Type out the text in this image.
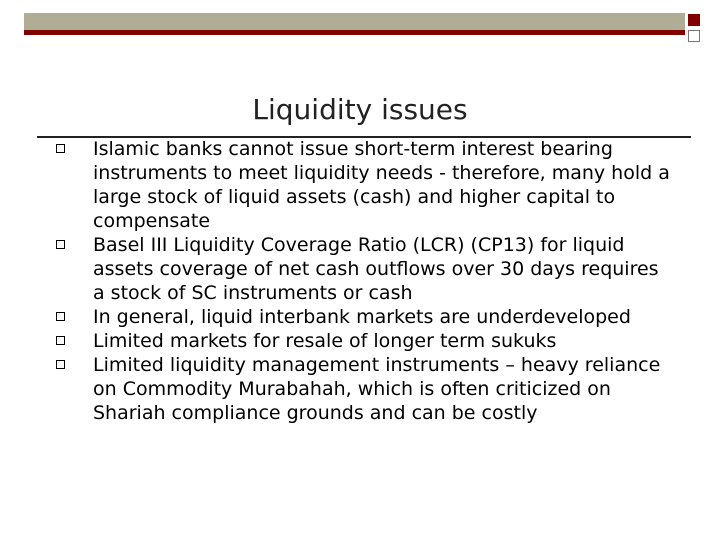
Liquidity issues
Islamic banks cannot issue short-term interest bearing instruments to meet liquidity needs - therefore, many hold a large stock of liquid assets (cash) and higher capital to compensate
Basel III Liquidity Coverage Ratio (LCR) (CP13) for liquid assets coverage of net cash outflows over 30 days requires a stock of SC instruments or cash
In general, liquid interbank markets are underdeveloped
Limited markets for resale of longer term sukuks
Limited liquidity management instruments – heavy reliance on Commodity Murabahah, which is often criticized on Shariah compliance grounds and can be costly
